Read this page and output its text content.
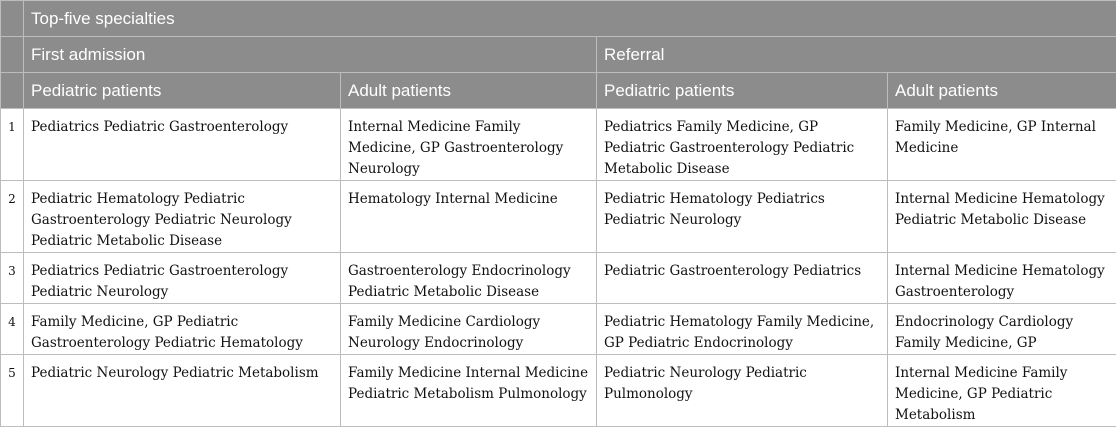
	Top-five specialties			
	First admission		Referral	
	Pediatric patients	Adult patients	Pediatric patients	Adult patients
1	Pediatrics Pediatric Gastroenterology	Internal Medicine Family Medicine, GP Gastroenterology Neurology	Pediatrics Family Medicine, GP Pediatric Gastroenterology Pediatric Metabolic Disease	Family Medicine, GP Internal Medicine
2	Pediatric Hematology Pediatric Gastroenterology Pediatric Neurology Pediatric Metabolic Disease	Hematology Internal Medicine	Pediatric Hematology Pediatrics Pediatric Neurology	Internal Medicine Hematology Pediatric Metabolic Disease
3	Pediatrics Pediatric Gastroenterology Pediatric Neurology	Gastroenterology Endocrinology Pediatric Metabolic Disease	Pediatric Gastroenterology Pediatrics	Internal Medicine Hematology Gastroenterology
4	Family Medicine, GP Pediatric Gastroenterology Pediatric Hematology	Family Medicine Cardiology Neurology Endocrinology	Pediatric Hematology Family Medicine, GP Pediatric Endocrinology	Endocrinology Cardiology Family Medicine, GP
5	Pediatric Neurology Pediatric Metabolism	Family Medicine Internal Medicine Pediatric Metabolism Pulmonology	Pediatric Neurology Pediatric Pulmonology	Internal Medicine Family Medicine, GP Pediatric Metabolism
